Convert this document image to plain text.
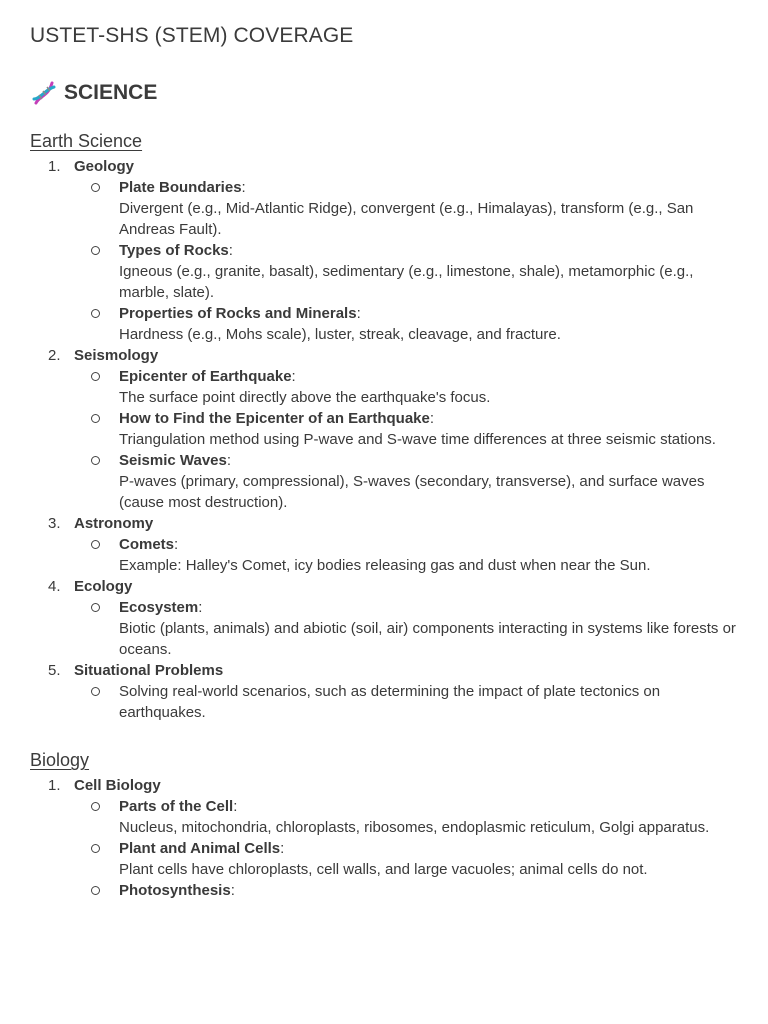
USTET-SHS (STEM) COVERAGE
SCIENCE
Earth Science
1. Geology
Plate Boundaries:
Divergent (e.g., Mid-Atlantic Ridge), convergent (e.g., Himalayas), transform (e.g., San Andreas Fault).
Types of Rocks:
Igneous (e.g., granite, basalt), sedimentary (e.g., limestone, shale), metamorphic (e.g., marble, slate).
Properties of Rocks and Minerals:
Hardness (e.g., Mohs scale), luster, streak, cleavage, and fracture.
2. Seismology
Epicenter of Earthquake:
The surface point directly above the earthquake's focus.
How to Find the Epicenter of an Earthquake:
Triangulation method using P-wave and S-wave time differences at three seismic stations.
Seismic Waves:
P-waves (primary, compressional), S-waves (secondary, transverse), and surface waves (cause most destruction).
3. Astronomy
Comets:
Example: Halley's Comet, icy bodies releasing gas and dust when near the Sun.
4. Ecology
Ecosystem:
Biotic (plants, animals) and abiotic (soil, air) components interacting in systems like forests or oceans.
5. Situational Problems
Solving real-world scenarios, such as determining the impact of plate tectonics on earthquakes.
Biology
1. Cell Biology
Parts of the Cell:
Nucleus, mitochondria, chloroplasts, ribosomes, endoplasmic reticulum, Golgi apparatus.
Plant and Animal Cells:
Plant cells have chloroplasts, cell walls, and large vacuoles; animal cells do not.
Photosynthesis:
